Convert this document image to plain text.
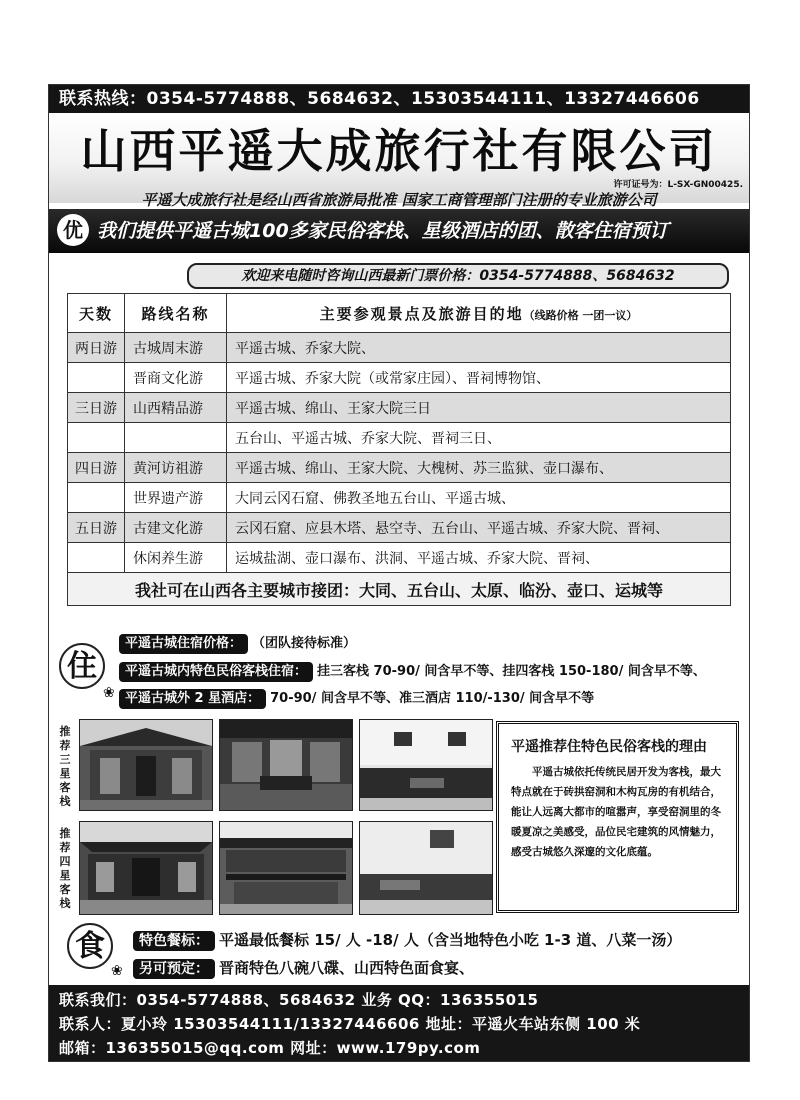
联系热线：0354-5774888、5684632、15303544111、13327446606
山西平遥大成旅行社有限公司
许可证号为：L-SX-GN00425.
平遥大成旅行社是经山西省旅游局批准 国家工商管理部门注册的专业旅游公司
优 我们提供平遥古城100多家民俗客栈、星级酒店的团、散客住宿预订
欢迎来电随时咨询山西最新门票价格：0354-5774888、5684632
天数	路线名称	主要参观景点及旅游目的地（线路价格 一团一议）
两日游	古城周末游	平遥古城、乔家大院、
	晋商文化游	平遥古城、乔家大院（或常家庄园）、晋祠博物馆、
三日游	山西精品游	平遥古城、绵山、王家大院三日
		五台山、平遥古城、乔家大院、晋祠三日、
四日游	黄河访祖游	平遥古城、绵山、王家大院、大槐树、苏三监狱、壶口瀑布、
	世界遗产游	大同云冈石窟、佛教圣地五台山、平遥古城、
五日游	古建文化游	云冈石窟、应县木塔、悬空寺、五台山、平遥古城、乔家大院、晋祠、
	休闲养生游	运城盐湖、壶口瀑布、洪洞、平遥古城、乔家大院、晋祠、
我社可在山西各主要城市接团：大同、五台山、太原、临汾、壶口、运城等		
住
❀
平遥古城住宿价格： （团队接待标准）
平遥古城内特色民俗客栈住宿： 挂三客栈 70-90/ 间含早不等、挂四客栈 150-180/ 间含早不等、
平遥古城外 2 星酒店： 70-90/ 间含早不等、准三酒店 110/-130/ 间含早不等
推荐三星客栈
推荐四星客栈
平遥推荐住特色民俗客栈的理由
平遥古城依托传统民居开发为客栈，最大特点就在于砖拱窑洞和木构瓦房的有机结合，能让人远离大都市的喧嚣声，享受窑洞里的冬暖夏凉之美感受，品位民宅建筑的风情魅力，感受古城悠久深邃的文化底蕴。
食
❀
特色餐标： 平遥最低餐标 15/ 人 -18/ 人（含当地特色小吃 1-3 道、八菜一汤）
另可预定： 晋商特色八碗八碟、山西特色面食宴、
联系我们：0354-5774888、5684632 业务 QQ：136355015
联系人：夏小玲 15303544111/13327446606 地址：平遥火车站东侧 100 米
邮箱：136355015@qq.com 网址：www.179py.com
